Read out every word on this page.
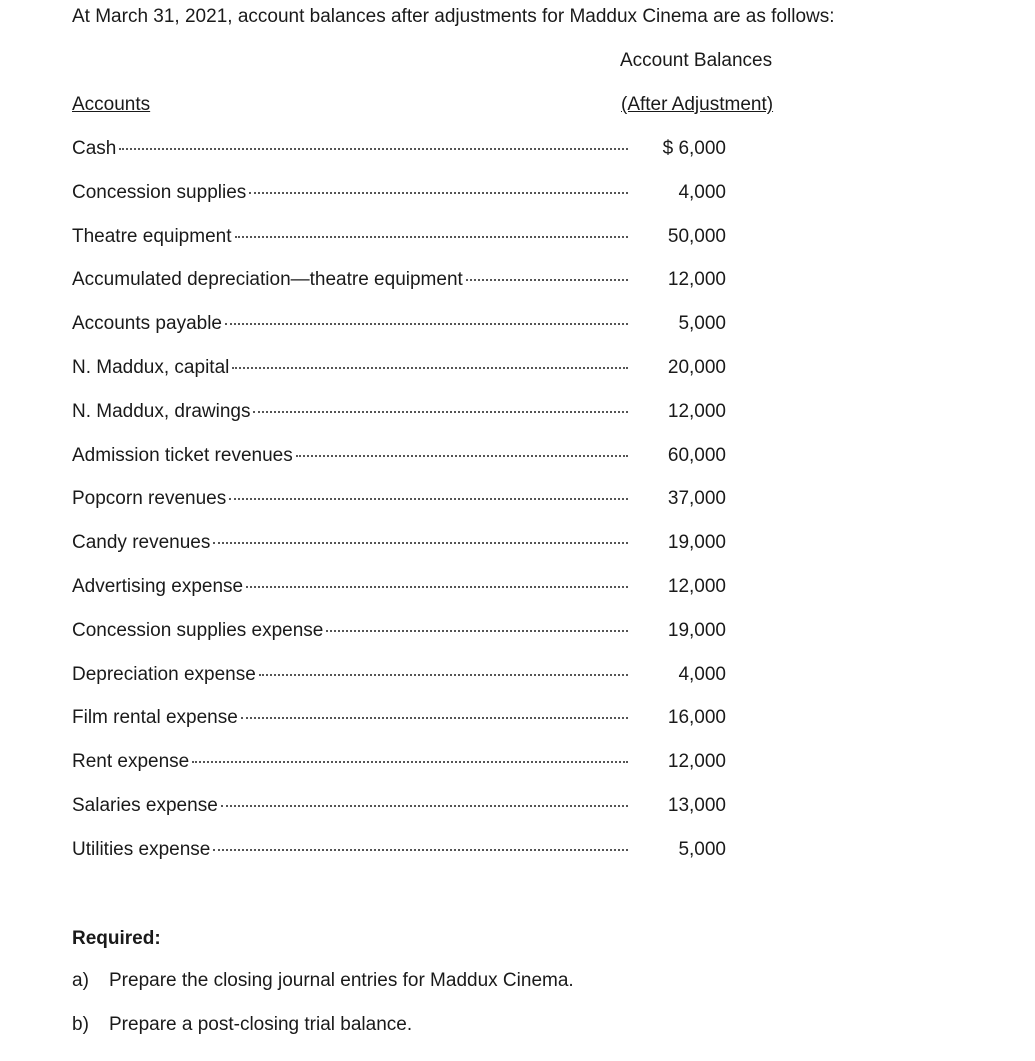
At March 31, 2021, account balances after adjustments for Maddux Cinema are as follows:
Account Balances
Accounts	(After Adjustment)
Cash	$ 6,000
Concession supplies	4,000
Theatre equipment	50,000
Accumulated depreciation—theatre equipment	12,000
Accounts payable	5,000
N. Maddux, capital	20,000
N. Maddux, drawings	12,000
Admission ticket revenues	60,000
Popcorn revenues	37,000
Candy revenues	19,000
Advertising expense	12,000
Concession supplies expense	19,000
Depreciation expense	4,000
Film rental expense	16,000
Rent expense	12,000
Salaries expense	13,000
Utilities expense	5,000
Required:
a) Prepare the closing journal entries for Maddux Cinema.
b) Prepare a post-closing trial balance.
